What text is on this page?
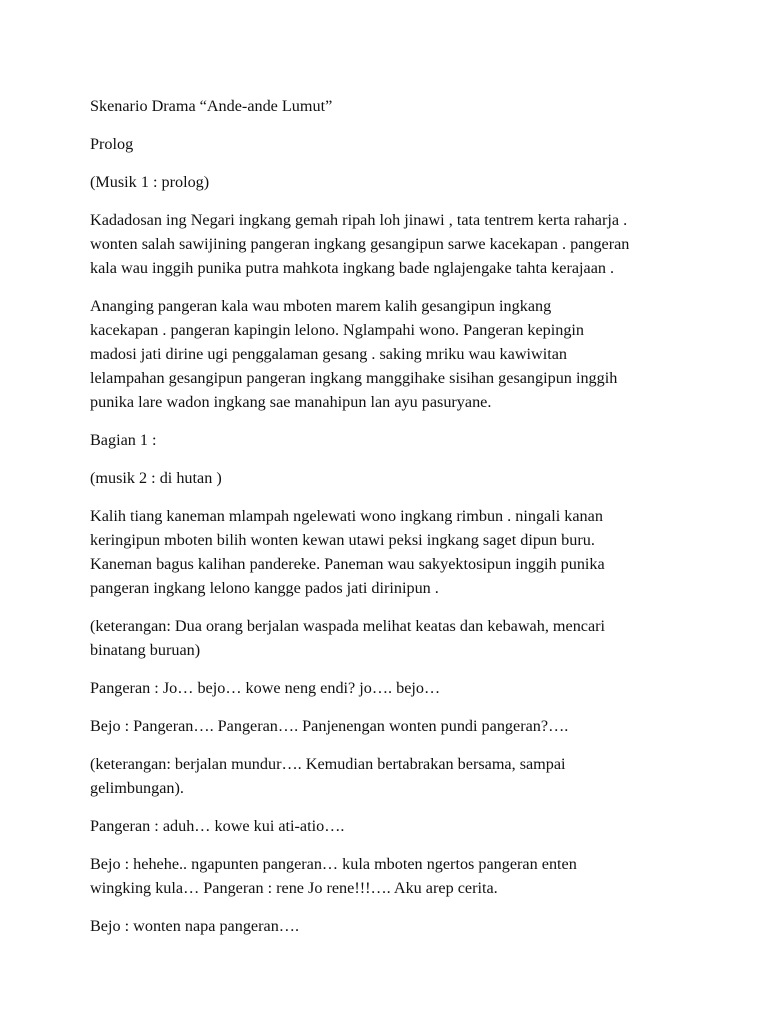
Skenario Drama “Ande-ande Lumut”

Prolog

(Musik 1 : prolog)

Kadadosan ing Negari ingkang gemah ripah loh jinawi , tata tentrem kerta raharja .
wonten salah sawijining pangeran ingkang gesangipun sarwe kacekapan . pangeran
kala wau inggih punika putra mahkota ingkang bade nglajengake tahta kerajaan .

Ananging pangeran kala wau mboten marem kalih gesangipun ingkang
kacekapan . pangeran kapingin lelono. Nglampahi wono. Pangeran kepingin
madosi jati dirine ugi penggalaman gesang . saking mriku wau kawiwitan
lelampahan gesangipun pangeran ingkang manggihake sisihan gesangipun inggih
punika lare wadon ingkang sae manahipun lan ayu pasuryane.

Bagian 1 :

(musik 2 : di hutan )

Kalih tiang kaneman mlampah ngelewati wono ingkang rimbun . ningali kanan
keringipun mboten bilih wonten kewan utawi peksi ingkang saget dipun buru.
Kaneman bagus kalihan pandereke. Paneman wau sakyektosipun inggih punika
pangeran ingkang lelono kangge pados jati dirinipun .

(keterangan: Dua orang berjalan waspada melihat keatas dan kebawah, mencari
binatang buruan)

Pangeran : Jo… bejo… kowe neng endi? jo…. bejo…

Bejo : Pangeran…. Pangeran…. Panjenengan wonten pundi pangeran?….

(keterangan: berjalan mundur…. Kemudian bertabrakan bersama, sampai
gelimbungan).

Pangeran : aduh… kowe kui ati-atio….

Bejo : hehehe.. ngapunten pangeran… kula mboten ngertos pangeran enten
wingking kula… Pangeran : rene Jo rene!!!…. Aku arep cerita.

Bejo : wonten napa pangeran….
